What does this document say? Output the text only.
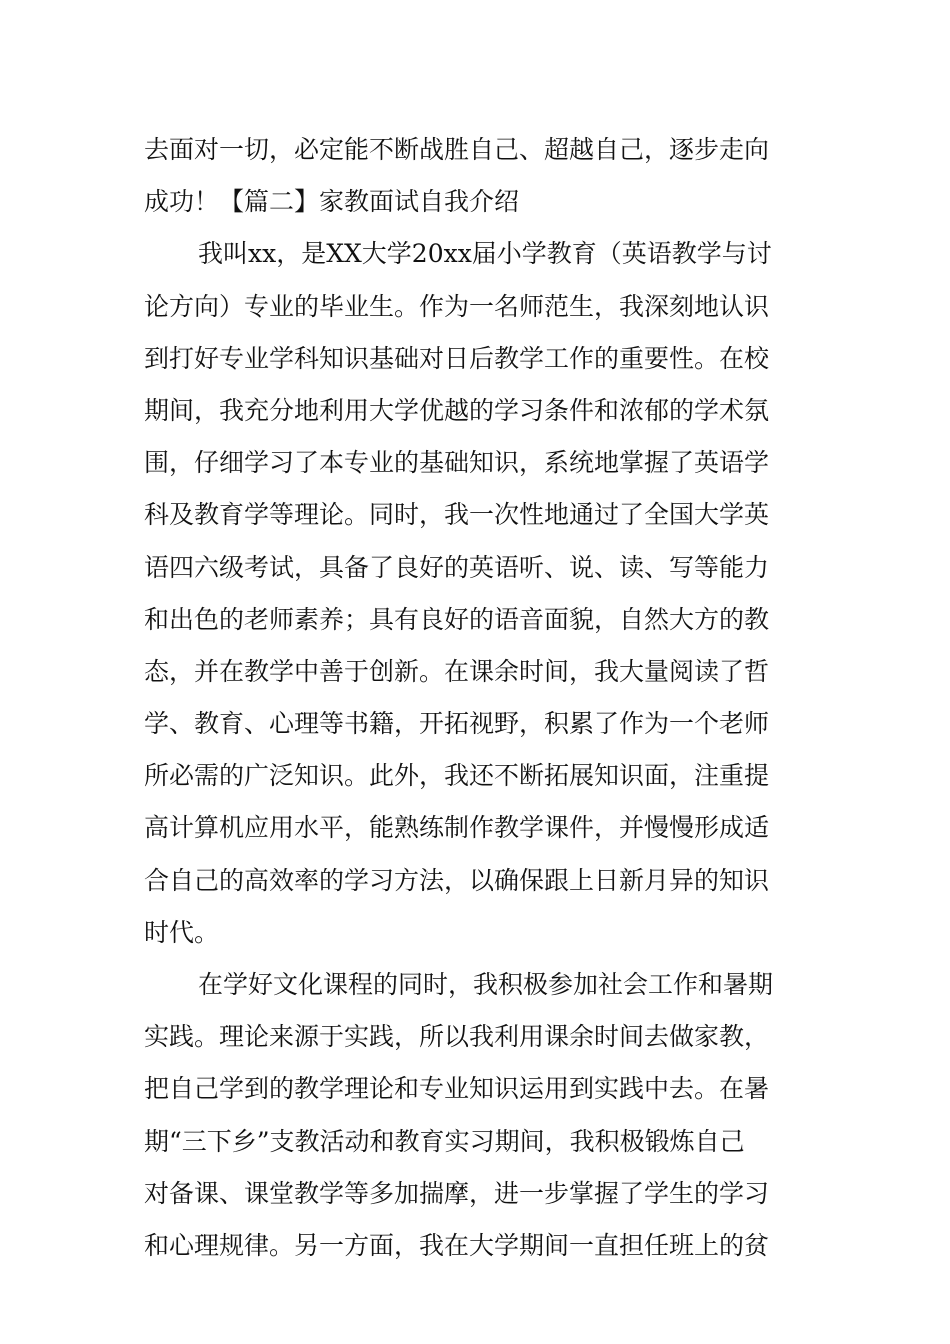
去面对一切，必定能不断战胜自己、超越自己，逐步走向
成功！【篇二】家教面试自我介绍
我叫xx，是XX大学20xx届小学教育（英语教学与讨
论方向）专业的毕业生。作为一名师范生，我深刻地认识
到打好专业学科知识基础对日后教学工作的重要性。在校
期间，我充分地利用大学优越的学习条件和浓郁的学术氛
围，仔细学习了本专业的基础知识，系统地掌握了英语学
科及教育学等理论。同时，我一次性地通过了全国大学英
语四六级考试，具备了良好的英语听、说、读、写等能力
和出色的老师素养；具有良好的语音面貌，自然大方的教
态，并在教学中善于创新。在课余时间，我大量阅读了哲
学、教育、心理等书籍，开拓视野，积累了作为一个老师
所必需的广泛知识。此外，我还不断拓展知识面，注重提
高计算机应用水平，能熟练制作教学课件，并慢慢形成适
合自己的高效率的学习方法，以确保跟上日新月异的知识
时代。
在学好文化课程的同时，我积极参加社会工作和暑期
实践。理论来源于实践，所以我利用课余时间去做家教，
把自己学到的教学理论和专业知识运用到实践中去。在暑
期“三下乡”支教活动和教育实习期间，我积极锻炼自己
对备课、课堂教学等多加揣摩，进一步掌握了学生的学习
和心理规律。另一方面，我在大学期间一直担任班上的贫
